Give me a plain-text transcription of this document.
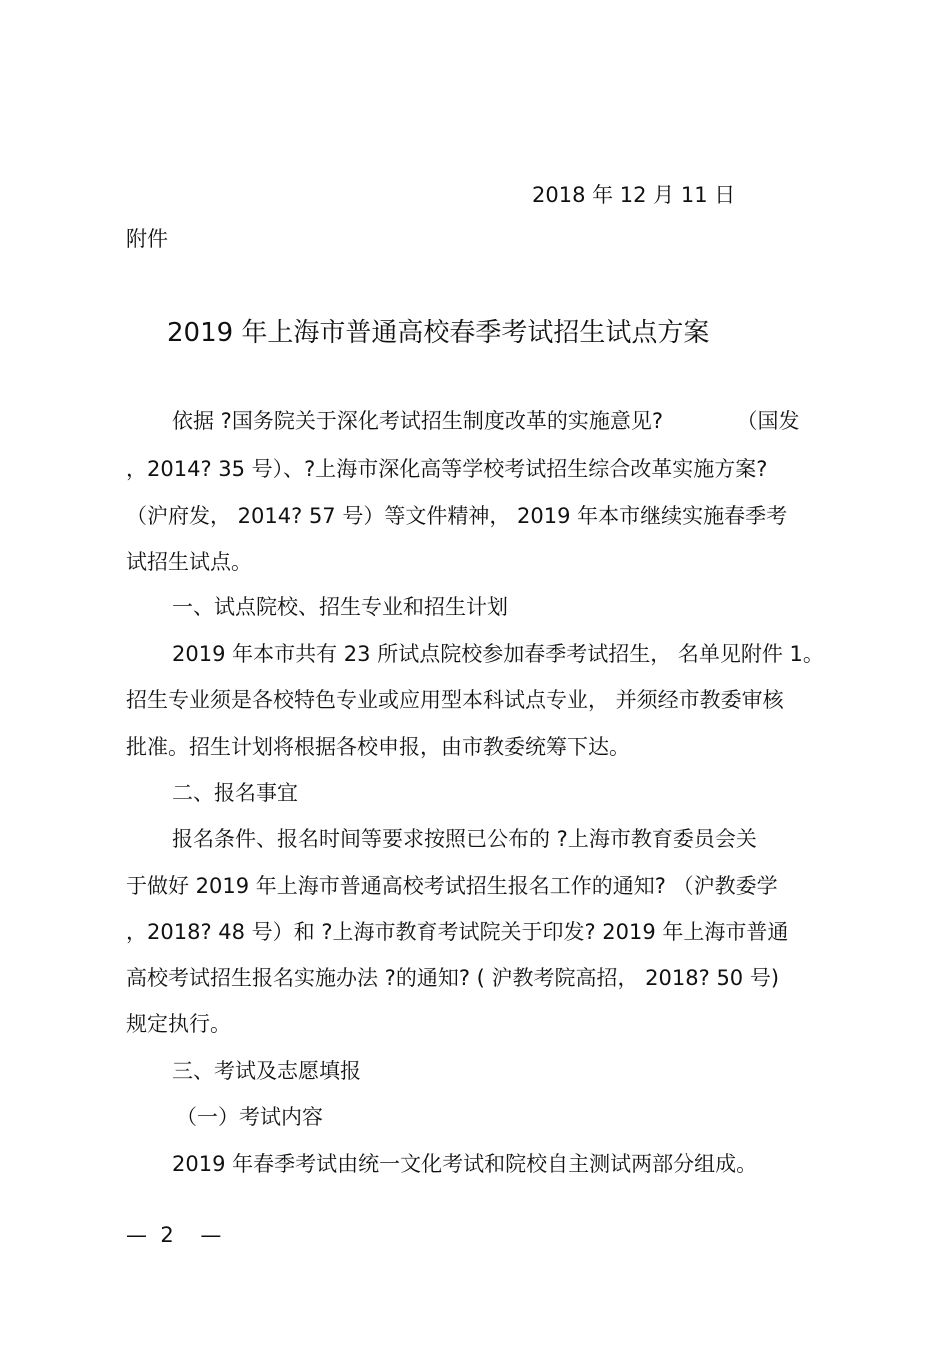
2018 年 12 月 11 日
附件
2019 年上海市普通高校春季考试招生试点方案
依据 ?国务院关于深化考试招生制度改革的实施意见?　　　　（国发
，2014? 35 号）、?上海市深化高等学校考试招生综合改革实施方案?
（沪府发， 2014? 57 号）等文件精神， 2019 年本市继续实施春季考
试招生试点。
一、试点院校、招生专业和招生计划
2019 年本市共有 23 所试点院校参加春季考试招生， 名单见附件 1。
招生专业须是各校特色专业或应用型本科试点专业， 并须经市教委审核
批准。招生计划将根据各校申报，由市教委统筹下达。
二、报名事宜
报名条件、报名时间等要求按照已公布的 ?上海市教育委员会关
于做好 2019 年上海市普通高校考试招生报名工作的通知? （沪教委学
，2018? 48 号）和 ?上海市教育考试院关于印发? 2019 年上海市普通
高校考试招生报名实施办法 ?的通知? ( 沪教考院高招， 2018? 50 号)
规定执行。
三、考试及志愿填报
（一）考试内容
2019 年春季考试由统一文化考试和院校自主测试两部分组成。
—  2    —
